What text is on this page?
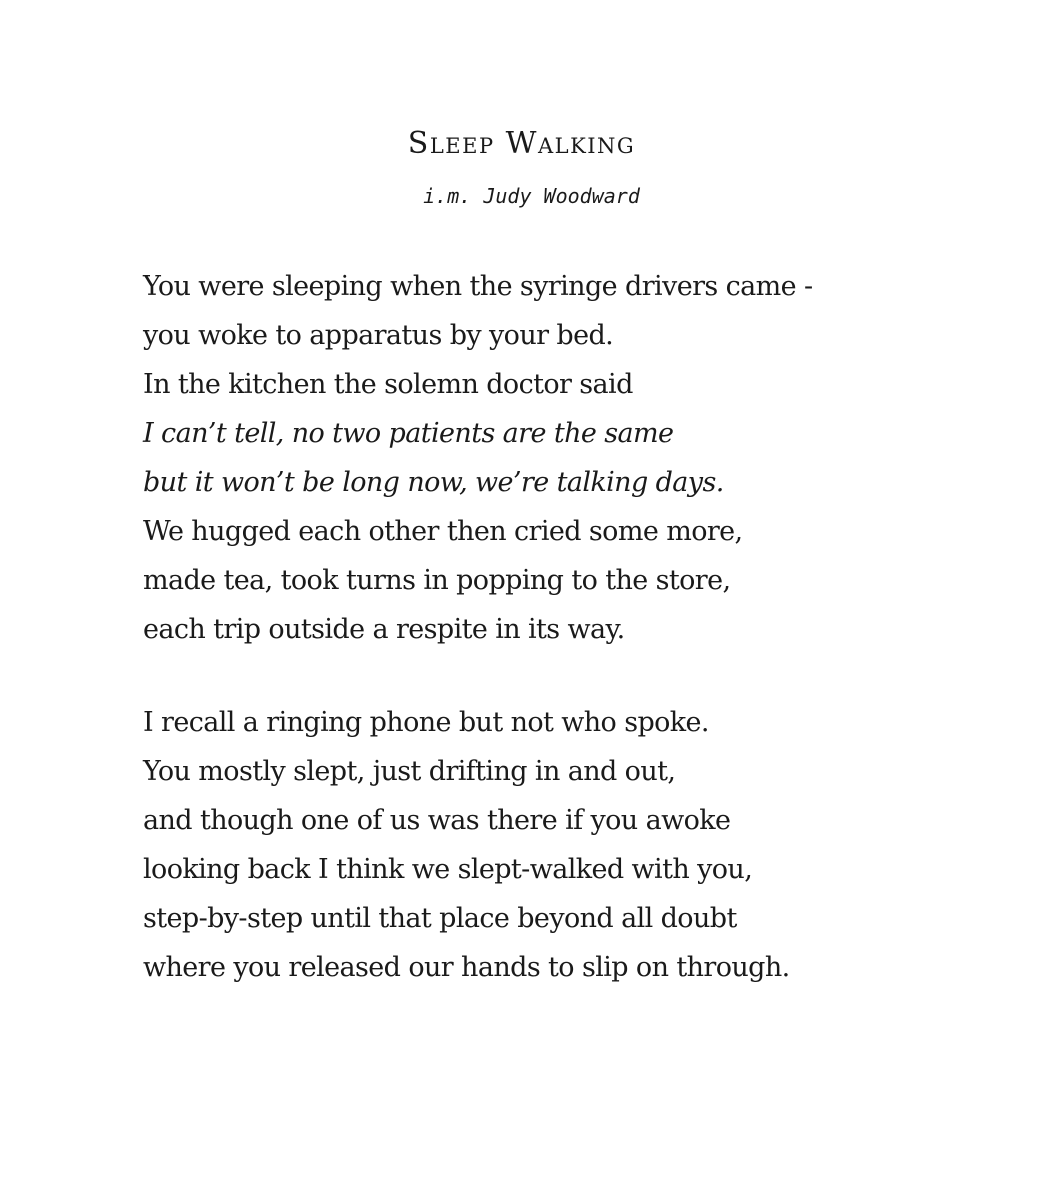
Sleep Walking

i.m. Judy Woodward

You were sleeping when the syringe drivers came -
you woke to apparatus by your bed.
In the kitchen the solemn doctor said
I can’t tell, no two patients are the same
but it won’t be long now, we’re talking days.
We hugged each other then cried some more,
made tea, took turns in popping to the store,
each trip outside a respite in its way.
I recall a ringing phone but not who spoke.
You mostly slept, just drifting in and out,
and though one of us was there if you awoke
looking back I think we slept-walked with you,
step-by-step until that place beyond all doubt
where you released our hands to slip on through.
